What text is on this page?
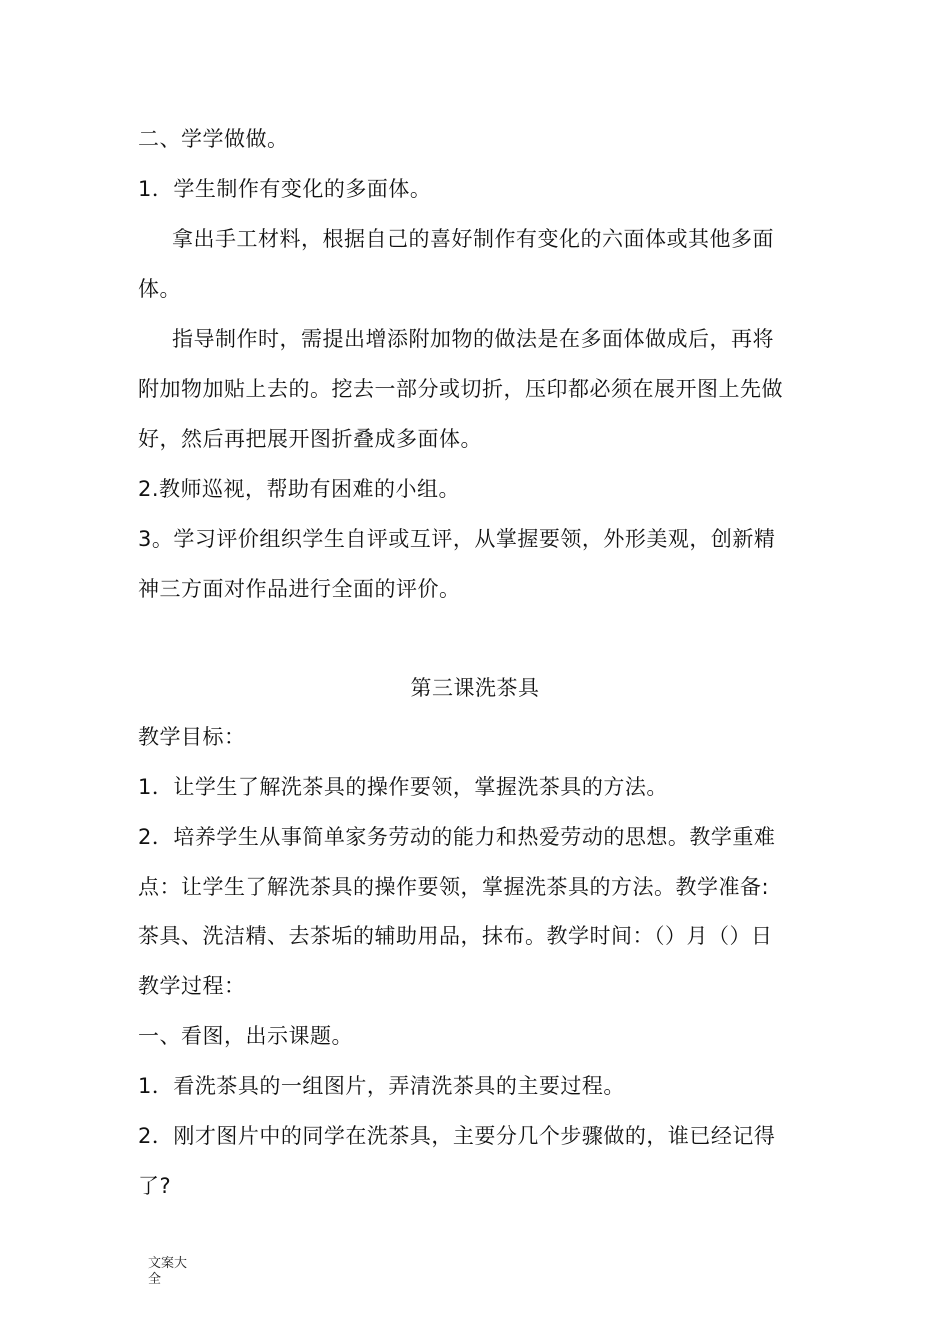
二、学学做做。
1．学生制作有变化的多面体。
拿出手工材料，根据自己的喜好制作有变化的六面体或其他多面
体。
指导制作时，需提出增添附加物的做法是在多面体做成后，再将
附加物加贴上去的。挖去一部分或切折，压印都必须在展开图上先做
好，然后再把展开图折叠成多面体。
2.教师巡视，帮助有困难的小组。
3。学习评价组织学生自评或互评，从掌握要领，外形美观，创新精
神三方面对作品进行全面的评价。
第三课洗茶具
教学目标：
1．让学生了解洗茶具的操作要领，掌握洗茶具的方法。
2．培养学生从事简单家务劳动的能力和热爱劳动的思想。教学重难
点：让学生了解洗茶具的操作要领，掌握洗茶具的方法。教学准备:
茶具、洗洁精、去茶垢的辅助用品，抹布。教学时间：（）月（）日
教学过程：
一、看图，出示课题。
1．看洗茶具的一组图片，弄清洗茶具的主要过程。
2．刚才图片中的同学在洗茶具，主要分几个步骤做的，谁已经记得
了?
文案大全
